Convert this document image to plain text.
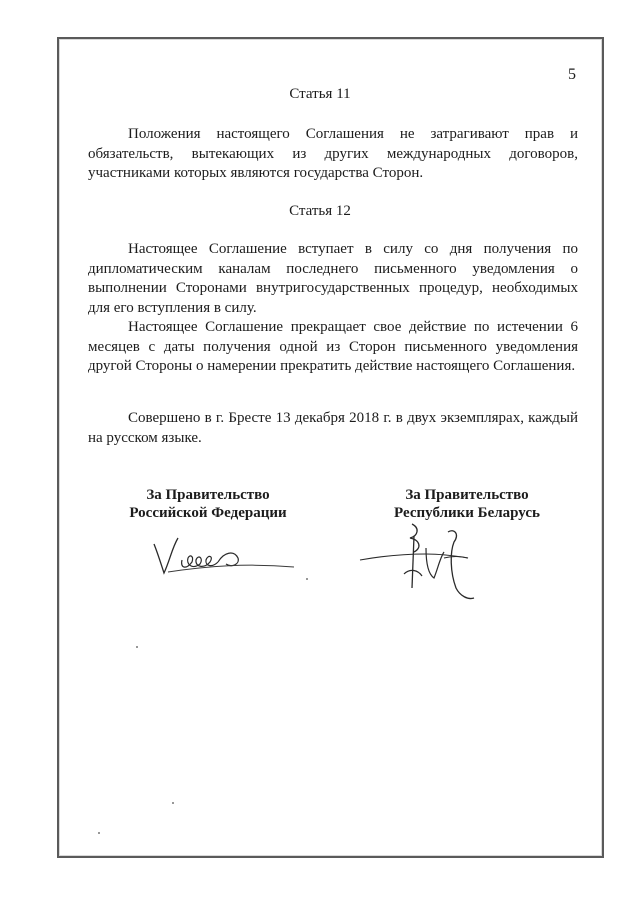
5
Статья 11

Положения настоящего Соглашения не затрагивают прав и обязательств, вытекающих из других международных договоров, участниками которых являются государства Сторон.

Статья 12

Настоящее Соглашение вступает в силу со дня получения по дипломатическим каналам последнего письменного уведомления о выполнении Сторонами внутригосударственных процедур, необходимых для его вступления в силу.

Настоящее Соглашение прекращает свое действие по истечении 6 месяцев с даты получения одной из Сторон письменного уведомления другой Стороны о намерении прекратить действие настоящего Соглашения.

Совершено в г. Бресте 13 декабря 2018 г. в двух экземплярах, каждый на русском языке.

За Правительство
Российской Федерации
За Правительство
Республики Беларусь
